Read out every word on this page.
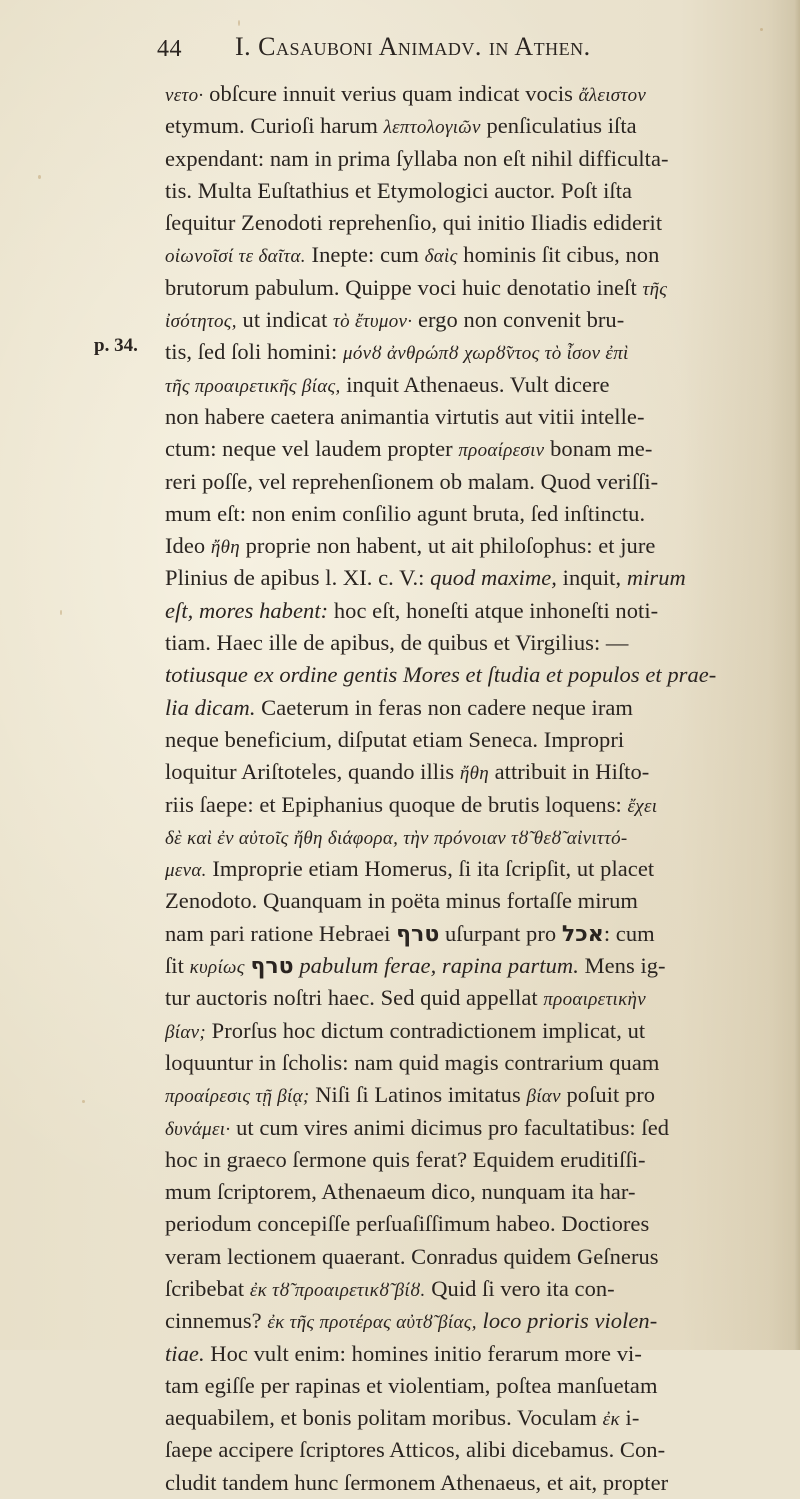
44 I. Casauboni Animadv. in Athen.
p. 34.
νετο· obſcure innuit verius quam indicat vocis ἄλειστον
etymum. Curioſi harum λεπτολογιῶν penſiculatius iſta
expendant: nam in prima ſyllaba non eſt nihil difficulta-
tis. Multa Euſtathius et Etymologici auctor. Poſt iſta
ſequitur Zenodoti reprehenſio, qui initio Iliadis ediderit
οἰωνοῖσί τε δαῖτα. Inepte: cum δαὶς hominis ſit cibus, non
brutorum pabulum. Quippe voci huic denotatio ineſt τῆς
ἰσότητος, ut indicat τὸ ἔτυμον· ergo non convenit bru-
tis, ſed ſoli homini: μόνȣ ἀνθρώπȣ χωρȣ̃ντος τὸ ἶσον ἐπὶ
τῆς προαιρετικῆς βίας, inquit Athenaeus. Vult dicere
non habere caetera animantia virtutis aut vitii intelle-
ctum: neque vel laudem propter προαίρεσιν bonam me-
reri poſſe, vel reprehenſionem ob malam. Quod veriſſi-
mum eſt: non enim conſilio agunt bruta, ſed inſtinctu.
Ideo ἤθη proprie non habent, ut ait philoſophus: et jure
Plinius de apibus l. XI. c. V.: quod maxime, inquit, mirum
eſt, mores habent: hoc eſt, honeſti atque inhoneſti noti-
tiam. Haec ille de apibus, de quibus et Virgilius: —
totiusque ex ordine gentis Mores et ſtudia et populos et prae-
lia dicam. Caeterum in feras non cadere neque iram
neque beneficium, diſputat etiam Seneca. Impropri
loquitur Ariſtoteles, quando illis ἤθη attribuit in Hiſto-
riis ſaepe: et Epiphanius quoque de brutis loquens: ἔχει
δὲ καὶ ἐν αὐτοῖς ἤθη διάφορα, τὴν πρόνοιαν τȣ̃ θεȣ̃ αἰνιττό-
μενα. Improprie etiam Homerus, ſi ita ſcripſit, ut placet
Zenodoto. Quanquam in poëta minus fortaſſe mirum
nam pari ratione Hebraei טרף uſurpant pro אכל: cum
ſit κυρίως טרף pabulum ferae, rapina partum. Mens ig-
tur auctoris noſtri haec. Sed quid appellat προαιρετικὴν
βίαν; Prorſus hoc dictum contradictionem implicat, ut
loquuntur in ſcholis: nam quid magis contrarium quam
προαίρεσις τῇ βίᾳ; Niſi ſi Latinos imitatus βίαν poſuit pro
δυνάμει· ut cum vires animi dicimus pro facultatibus: ſed
hoc in graeco ſermone quis ferat? Equidem eruditiſſi-
mum ſcriptorem, Athenaeum dico, nunquam ita har-
periodum concepiſſe perſuaſiſſimum habeo. Doctiores
veram lectionem quaerant. Conradus quidem Geſnerus
ſcribebat ἐκ τȣ̃ προαιρετικȣ̃ βίȣ. Quid ſi vero ita con-
cinnemus? ἐκ τῆς προτέρας αὐτȣ̃ βίας, loco prioris violen-
tiae. Hoc vult enim: homines initio ferarum more vi-
tam egiſſe per rapinas et violentiam, poſtea manſuetam
aequabilem, et bonis politam moribus. Voculam ἐκ i-
ſaepe accipere ſcriptores Atticos, alibi dicebamus. Con-
cludit tandem hunc ſermonem Athenaeus, et ait, propter
